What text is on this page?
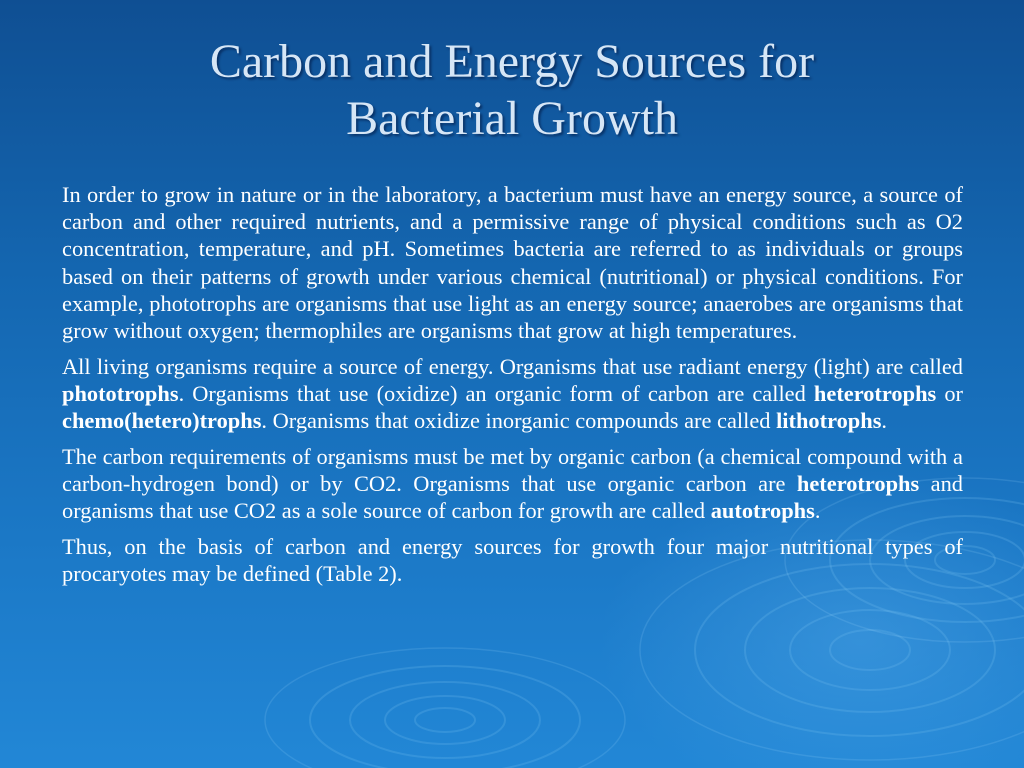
Carbon and Energy Sources for
Bacterial Growth

In order to grow in nature or in the laboratory, a bacterium must have an energy source, a source of carbon and other required nutrients, and a permissive range of physical conditions such as O2 concentration, temperature, and pH. Sometimes bacteria are referred to as individuals or groups based on their patterns of growth under various chemical (nutritional) or physical conditions. For example, phototrophs are organisms that use light as an energy source; anaerobes are organisms that grow without oxygen; thermophiles are organisms that grow at high temperatures.

All living organisms require a source of energy. Organisms that use radiant energy (light) are called phototrophs. Organisms that use (oxidize) an organic form of carbon are called heterotrophs or chemo(hetero)trophs. Organisms that oxidize inorganic compounds are called lithotrophs.

The carbon requirements of organisms must be met by organic carbon (a chemical compound with a carbon-hydrogen bond) or by CO2. Organisms that use organic carbon are heterotrophs and organisms that use CO2 as a sole source of carbon for growth are called autotrophs.

Thus, on the basis of carbon and energy sources for growth four major nutritional types of procaryotes may be defined (Table 2).
